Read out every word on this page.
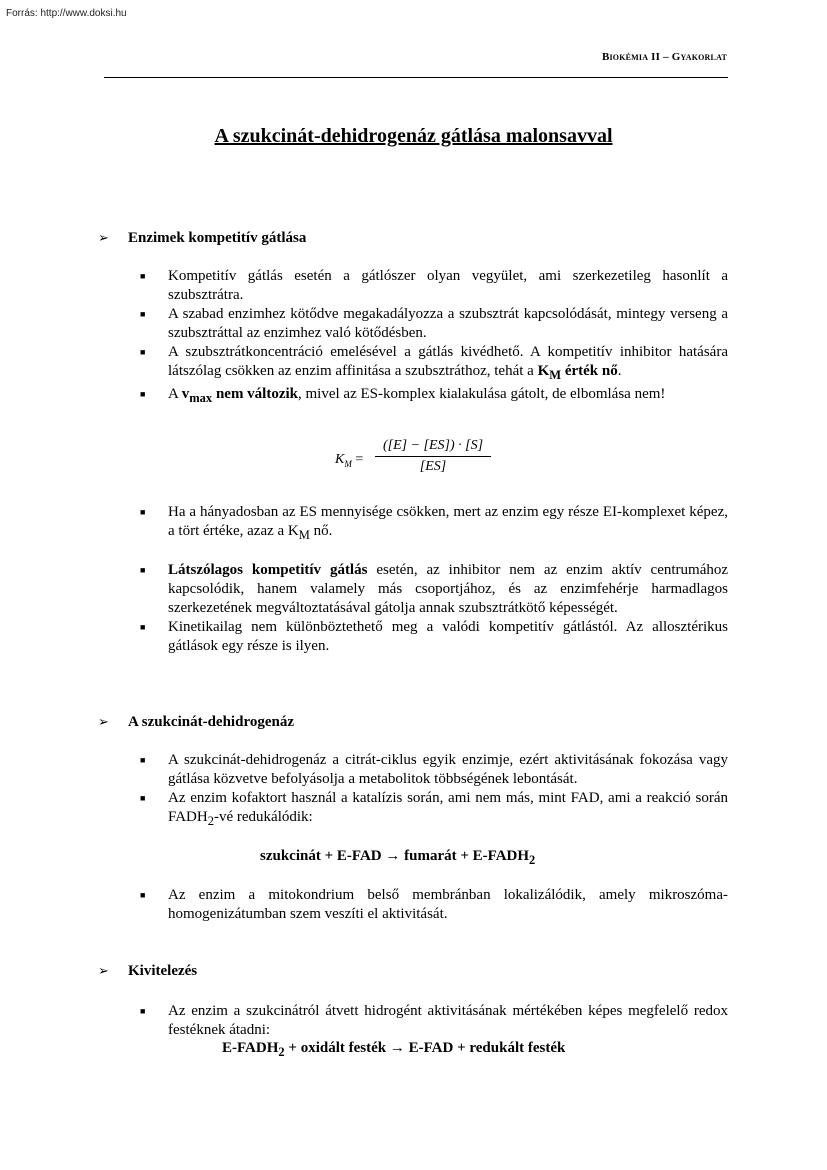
Forrás: http://www.doksi.hu
Biokémia II – Gyakorlat
A szukcinát-dehidrogenáz gátlása malonsavval
➢	Enzimek kompetitív gátlása
■ Kompetitív gátlás esetén a gátlószer olyan vegyület, ami szerkezetileg hasonlít a szubsztrátra.
■ A szabad enzimhez kötődve megakadályozza a szubsztrát kapcsolódását, mintegy verseng a szubsztráttal az enzimhez való kötődésben.
■ A szubsztrátkoncentráció emelésével a gátlás kivédhető. A kompetitív inhibitor hatására látszólag csökken az enzim affinitása a szubsztráthoz, tehát a $K_M$ érték nő.
■ A $v_{max}$ nem változik, mivel az ES-komplex kialakulása gátolt, de elbomlása nem!
$K_M = \frac{([E] - [ES]) \cdot [S]}{[ES]}$
■ Ha a hányadosban az ES mennyisége csökken, mert az enzim egy része EI-komplexet képez, a tört értéke, azaz a $K_M$ nő.
■ Látszólagos kompetitív gátlás esetén, az inhibitor nem az enzim aktív centrumához kapcsolódik, hanem valamely más csoportjához, és az enzimfehérje harmadlagos szerkezetének megváltoztatásával gátolja annak szubsztrátkötő képességét.
■ Kinetikailag nem különböztethető meg a valódi kompetitív gátlástól. Az allosztérikus gátlások egy része is ilyen.
➢	A szukcinát-dehidrogenáz
■ A szukcinát-dehidrogenáz a citrát-ciklus egyik enzimje, ezért aktivitásának fokozása vagy gátlása közvetve befolyásolja a metabolitok többségének lebontását.
■ Az enzim kofaktort használ a katalízis során, ami nem más, mint FAD, ami a reakció során $FADH_2-vé$ redukálódik:
szukcinát + E-FAD → fumarát + $E-FADH_2$
■ Az enzim a mitokondrium belső membránban lokalizálódik, amely mikroszóma-homogenizátumban szem veszíti el aktivitását.
➢	Kivitelezés
■ Az enzim a szukcinátról átvett hidrogént aktivitásának mértékében képes megfelelő redox festéknek átadni:
$E-FADH_2$ + oxidált festék → E-FAD + redukált festék
